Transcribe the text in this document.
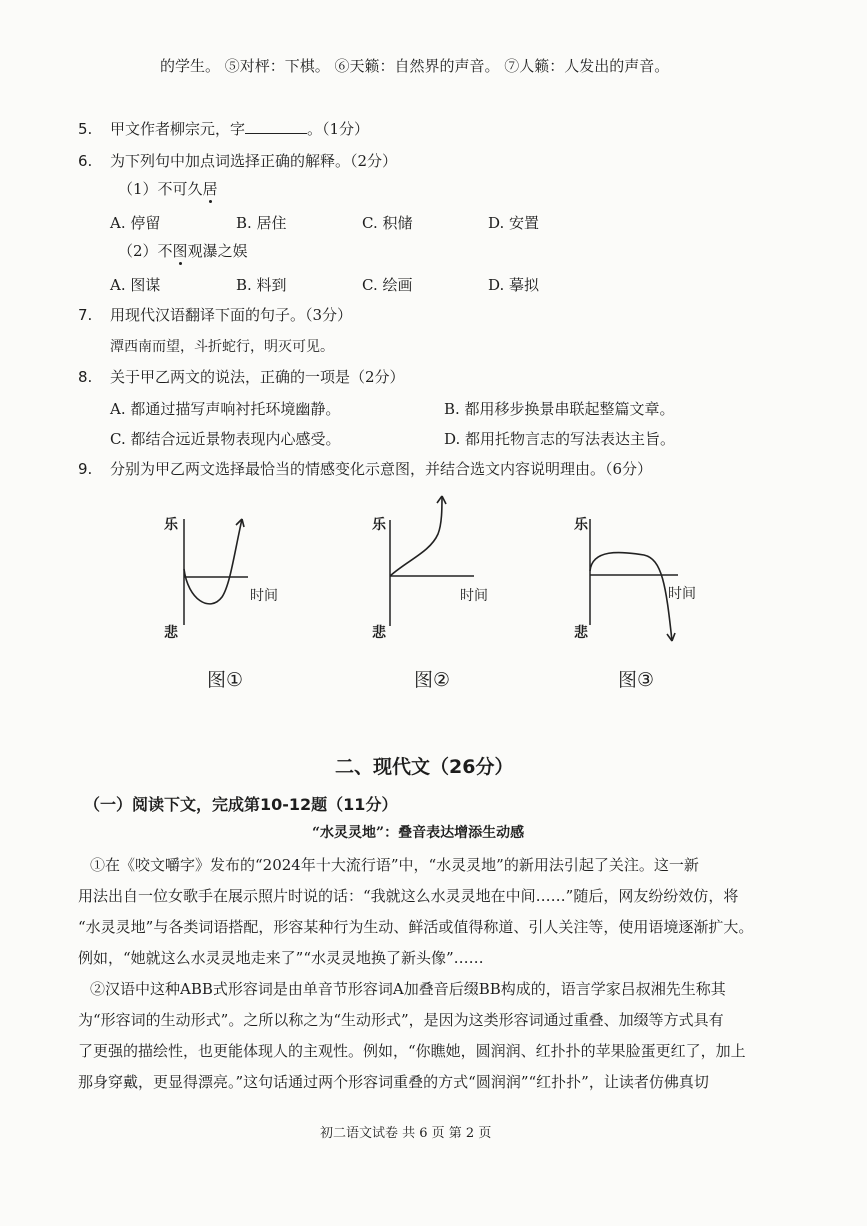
的学生。 ⑤对枰：下棋。 ⑥天籁：自然界的声音。 ⑦人籁：人发出的声音。
5. 甲文作者柳宗元，字	。（1分）
6. 为下列句中加点词选择正确的解释。（2分）
（1）不可久居
A. 停留	B. 居住	C. 积储	D. 安置
（2）不图观瀑之娱
A. 图谋	B. 料到	C. 绘画	D. 摹拟
7. 用现代汉语翻译下面的句子。（3分）
潭西南而望，斗折蛇行，明灭可见。
8. 关于甲乙两文的说法，正确的一项是（2分）
A. 都通过描写声响衬托环境幽静。	B. 都用移步换景串联起整篇文章。
C. 都结合远近景物表现内心感受。	D. 都用托物言志的写法表达主旨。
9. 分别为甲乙两文选择最恰当的情感变化示意图，并结合选文内容说明理由。（6分）
乐
悲
时间
图①
乐
悲
时间
图②
乐
悲
时间
图③
二、现代文（26分）
（一）阅读下文，完成第10-12题（11分）
“水灵灵地”：叠音表达增添生动感
①在《咬文嚼字》发布的“2024年十大流行语”中，“水灵灵地”的新用法引起了关注。这一新
用法出自一位女歌手在展示照片时说的话：“我就这么水灵灵地在中间……”随后，网友纷纷效仿，将
“水灵灵地”与各类词语搭配，形容某种行为生动、鲜活或值得称道、引人关注等，使用语境逐渐扩大。
例如，“她就这么水灵灵地走来了”“水灵灵地换了新头像”……
②汉语中这种ABB式形容词是由单音节形容词A加叠音后缀BB构成的，语言学家吕叔湘先生称其
为“形容词的生动形式”。之所以称之为“生动形式”，是因为这类形容词通过重叠、加缀等方式具有
了更强的描绘性，也更能体现人的主观性。例如，“你瞧她，圆润润、红扑扑的苹果脸蛋更红了，加上
那身穿戴，更显得漂亮。”这句话通过两个形容词重叠的方式“圆润润”“红扑扑”，让读者仿佛真切
初二语文试卷 共 6 页 第 2 页
